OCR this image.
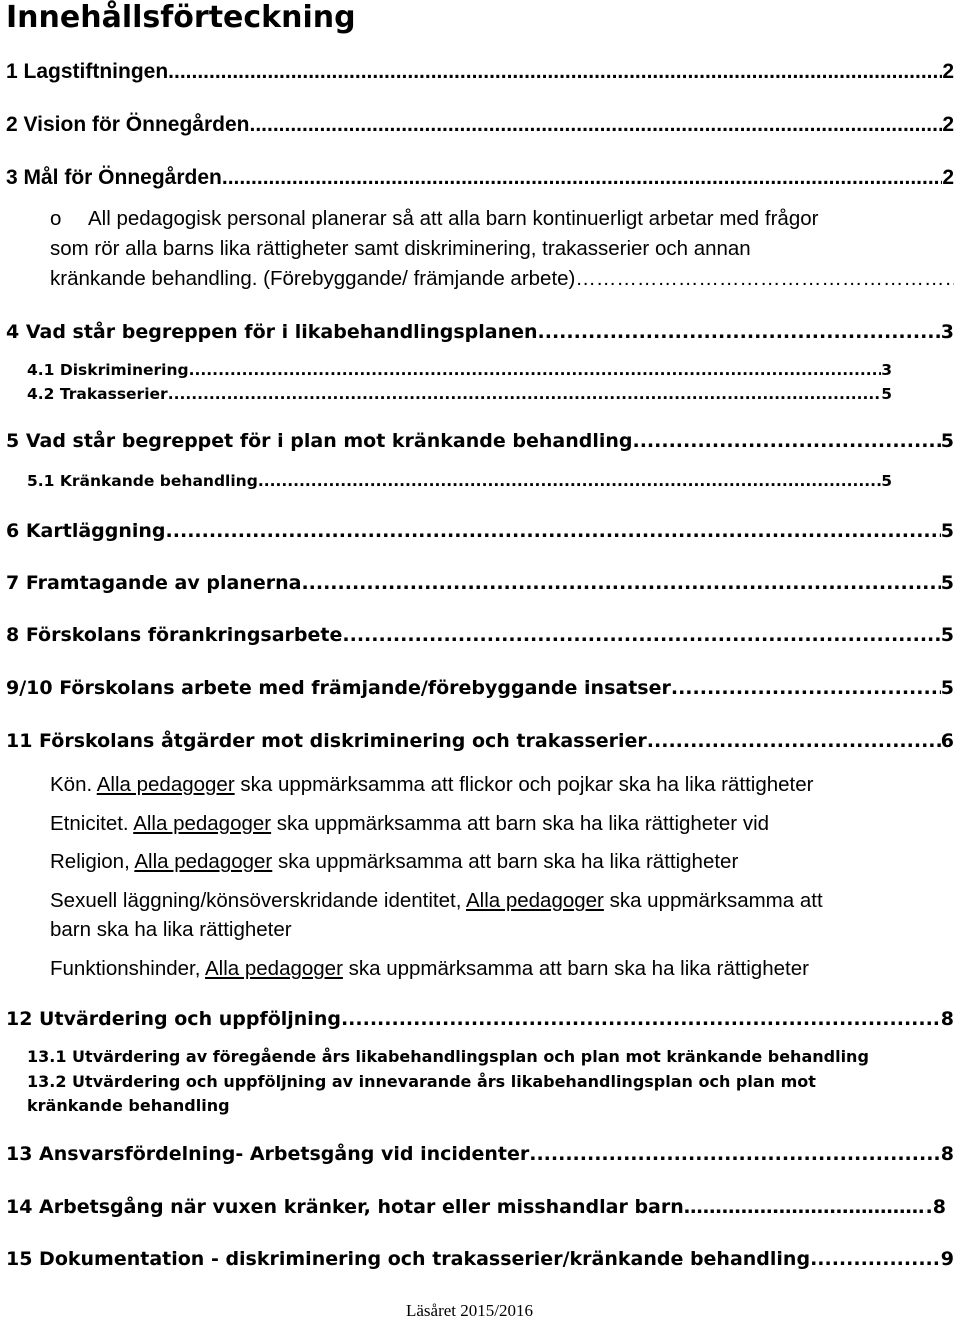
Innehållsförteckning
1 Lagstiftningen .....	2
2 Vision för Önnegården .....	2
3 Mål för Önnegården .....	2
o All pedagogisk personal planerar så att alla barn kontinuerligt arbetar med frågor
som rör alla barns lika rättigheter samt diskriminering, trakasserier och annan
kränkande behandling. (Förebyggande/ främjande arbete)
……………………………………………………………………………………………………………………………
4 Vad står begreppen för i likabehandlingsplanen .....	3
4.1 Diskriminering .....	3
4.2 Trakasserier .....	5
5 Vad står begreppet för i plan mot kränkande behandling .....	5
5.1 Kränkande behandling .....	5
6 Kartläggning .....	5
7 Framtagande av planerna .....	5
8 Förskolans förankringsarbete .....	5
9/10 Förskolans arbete med främjande/förebyggande insatser .....	5
11 Förskolans åtgärder mot diskriminering och trakasserier .....	6
Kön. Alla pedagoger ska uppmärksamma att flickor och pojkar ska ha lika rättigheter
Etnicitet. Alla pedagoger ska uppmärksamma att barn ska ha lika rättigheter vid
Religion, Alla pedagoger ska uppmärksamma att barn ska ha lika rättigheter
Sexuell läggning/könsöverskridande identitet, Alla pedagoger ska uppmärksamma att
barn ska ha lika rättigheter
Funktionshinder, Alla pedagoger ska uppmärksamma att barn ska ha lika rättigheter
12 Utvärdering och uppföljning .....	8
13.1 Utvärdering av föregående års likabehandlingsplan och plan mot kränkande behandling
13.2 Utvärdering och uppföljning av innevarande års likabehandlingsplan och plan mot
kränkande behandling
13 Ansvarsfördelning- Arbetsgång vid incidenter .....	8
14 Arbetsgång när vuxen kränker, hotar eller misshandlar barn ……………………………………………………………………………………………………………………………	.8
15 Dokumentation - diskriminering och trakasserier/kränkande behandling .....	9
Läsåret 2015/2016
